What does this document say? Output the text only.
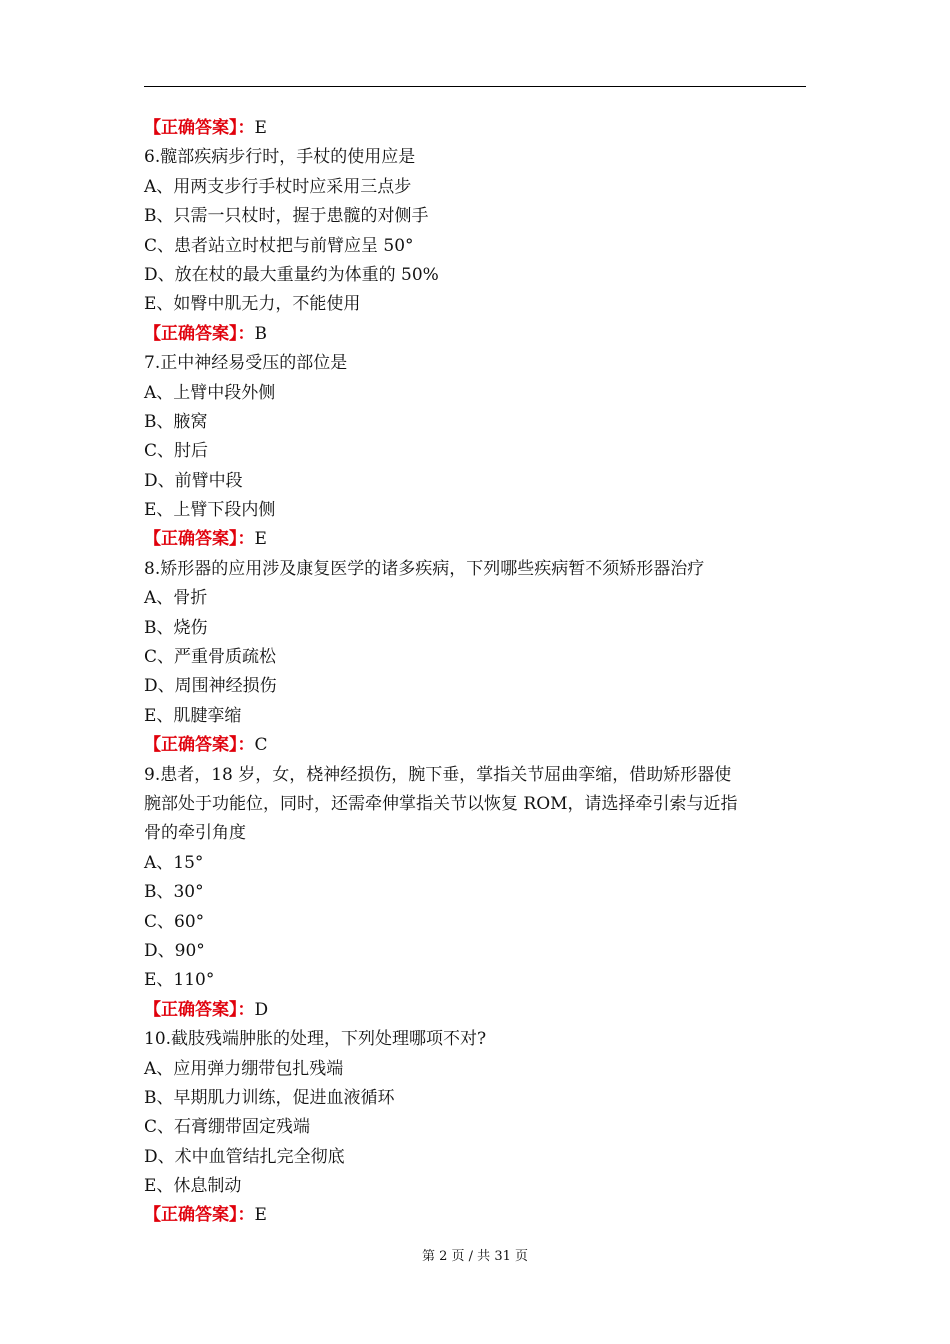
【正确答案】：E
6.髋部疾病步行时，手杖的使用应是
A、用两支步行手杖时应采用三点步
B、只需一只杖时，握于患髋的对侧手
C、患者站立时杖把与前臂应呈 50°
D、放在杖的最大重量约为体重的 50%
E、如臀中肌无力，不能使用
【正确答案】：B
7.正中神经易受压的部位是
A、上臂中段外侧
B、腋窝
C、肘后
D、前臂中段
E、上臂下段内侧
【正确答案】：E
8.矫形器的应用涉及康复医学的诸多疾病，下列哪些疾病暂不须矫形器治疗
A、骨折
B、烧伤
C、严重骨质疏松
D、周围神经损伤
E、肌腱挛缩
【正确答案】：C
9.患者，18 岁，女，桡神经损伤，腕下垂，掌指关节屈曲挛缩，借助矫形器使
腕部处于功能位，同时，还需牵伸掌指关节以恢复 ROM，请选择牵引索与近指
骨的牵引角度
A、15°
B、30°
C、60°
D、90°
E、110°
【正确答案】：D
10.截肢残端肿胀的处理，下列处理哪项不对?
A、应用弹力绷带包扎残端
B、早期肌力训练，促进血液循环
C、石膏绷带固定残端
D、术中血管结扎完全彻底
E、休息制动
【正确答案】：E
第 2 页 / 共 31 页
